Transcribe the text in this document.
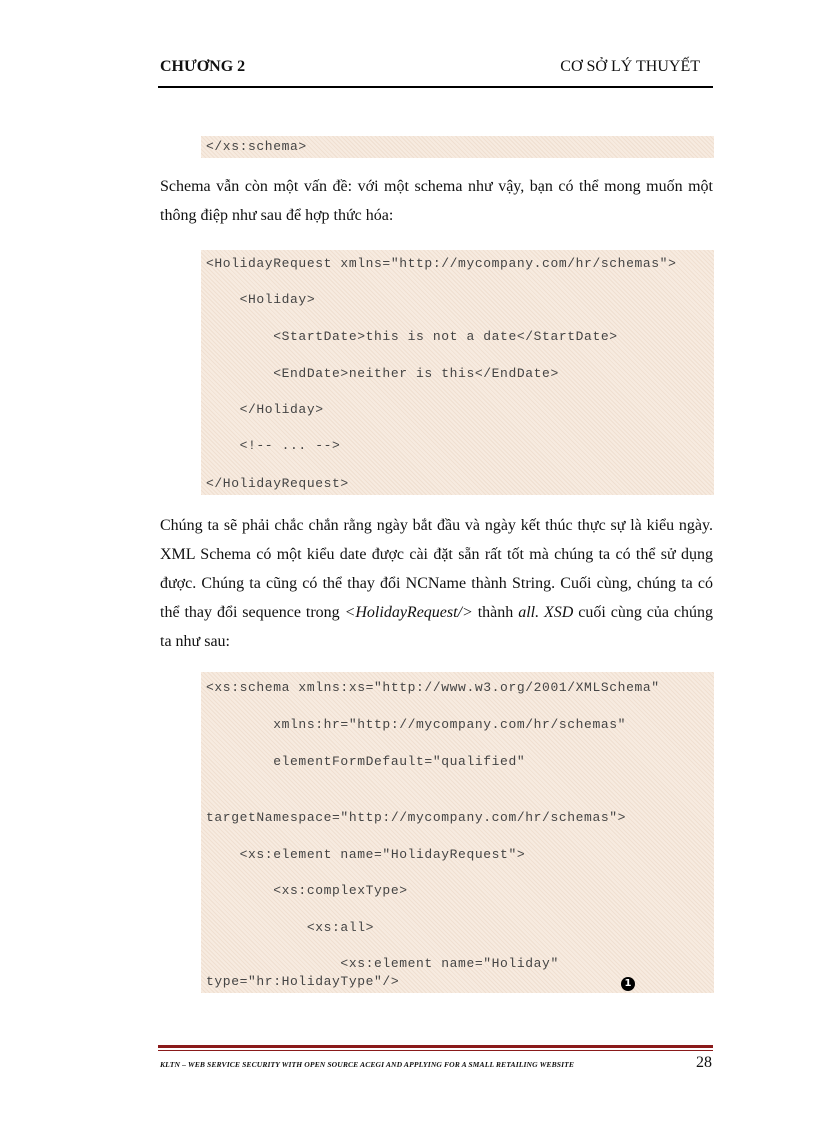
CHƯƠNG 2	CƠ SỞ LÝ THUYẾT
</xs:schema>
Schema vẫn còn một vấn đề: với một schema như vậy, bạn có thể mong muốn một thông điệp như sau để hợp thức hóa:
<HolidayRequest xmlns="http://mycompany.com/hr/schemas">
<Holiday>
<StartDate>this is not a date</StartDate>
<EndDate>neither is this</EndDate>
</Holiday>
<!-- ... -->
</HolidayRequest>
Chúng ta sẽ phải chắc chắn rằng ngày bắt đầu và ngày kết thúc thực sự là kiểu ngày. XML Schema có một kiểu date được cài đặt sẵn rất tốt mà chúng ta có thể sử dụng được. Chúng ta cũng có thể thay đổi NCName thành String. Cuối cùng, chúng ta có thể thay đổi sequence trong <HolidayRequest/> thành all. XSD cuối cùng của chúng ta như sau:
<xs:schema xmlns:xs="http://www.w3.org/2001/XMLSchema"
xmlns:hr="http://mycompany.com/hr/schemas"
elementFormDefault="qualified"
targetNamespace="http://mycompany.com/hr/schemas">
<xs:element name="HolidayRequest">
<xs:complexType>
<xs:all>
<xs:element name="Holiday"
type="hr:HolidayType"/>	1
KLTN – WEB SERVICE SECURITY WITH OPEN SOURCE ACEGI AND APPLYING FOR A SMALL RETAILING WEBSITE	28
